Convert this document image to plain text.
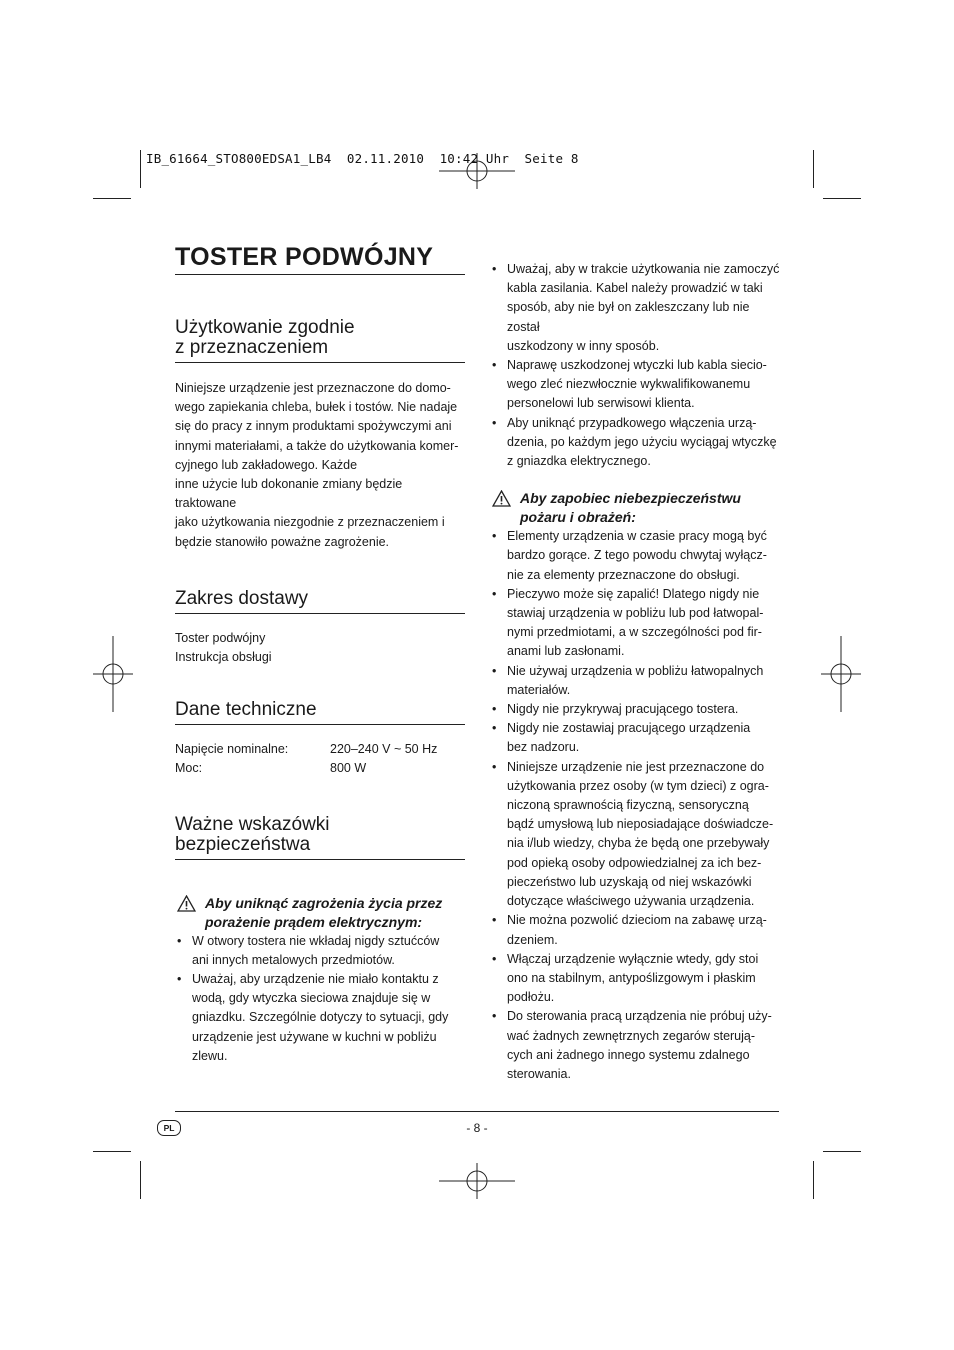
IB_61664_STO800EDSA1_LB4  02.11.2010  10:42 Uhr  Seite 8
TOSTER PODWÓJNY
Użytkowanie zgodnie
z przeznaczeniem

Niniejsze urządzenie jest przeznaczone do domo-
wego zapiekania chleba, bułek i tostów. Nie nadaje
się do pracy z innym produktami spożywczymi ani
innymi materiałami, a także do użytkowania komer-
cyjnego lub zakładowego. Każde
inne użycie lub dokonanie zmiany będzie traktowane
jako użytkowania niezgodnie z przeznaczeniem i
będzie stanowiło poważne zagrożenie.

Zakres dostawy

Toster podwójny
Instrukcja obsługi

Dane techniczne
Napięcie nominalne:	220–240 V ~ 50 Hz
Moc:	800 W
Ważne wskazówki
bezpieczeństwa
Aby uniknąć zagrożenia życia przez
porażenie prądem elektrycznym:
• W otwory tostera nie wkładaj nigdy sztućców
ani innych metalowych przedmiotów.
• Uważaj, aby urządzenie nie miało kontaktu z
wodą, gdy wtyczka sieciowa znajduje się w
gniazdku. Szczególnie dotyczy to sytuacji, gdy
urządzenie jest używane w kuchni w pobliżu
zlewu.
• Uważaj, aby w trakcie użytkowania nie zamoczyć
kabla zasilania. Kabel należy prowadzić w taki
sposób, aby nie był on zakleszczany lub nie został
uszkodzony w inny sposób.
• Naprawę uszkodzonej wtyczki lub kabla siecio-
wego zleć niezwłocznie wykwalifikowanemu
personelowi lub serwisowi klienta.
• Aby uniknąć przypadkowego włączenia urzą-
dzenia, po każdym jego użyciu wyciągaj wtyczkę
z gniazdka elektrycznego.
Aby zapobiec niebezpieczeństwu
pożaru i obrażeń:
• Elementy urządzenia w czasie pracy mogą być
bardzo gorące. Z tego powodu chwytaj wyłącz-
nie za elementy przeznaczone do obsługi.
• Pieczywo może się zapalić! Dlatego nigdy nie
stawiaj urządzenia w pobliżu lub pod łatwopal-
nymi przedmiotami, a w szczególności pod fir-
anami lub zasłonami.
• Nie używaj urządzenia w pobliżu łatwopalnych
materiałów.
• Nigdy nie przykrywaj pracującego tostera.
• Nigdy nie zostawiaj pracującego urządzenia
bez nadzoru.
• Niniejsze urządzenie nie jest przeznaczone do
użytkowania przez osoby (w tym dzieci) z ogra-
niczoną sprawnością fizyczną, sensoryczną
bądź umysłową lub nieposiadające doświadcze-
nia i/lub wiedzy, chyba że będą one przebywały
pod opieką osoby odpowiedzialnej za ich bez-
pieczeństwo lub uzyskają od niej wskazówki
dotyczące właściwego używania urządzenia.
• Nie można pozwolić dzieciom na zabawę urzą-
dzeniem.
• Włączaj urządzenie wyłącznie wtedy, gdy stoi
ono na stabilnym, antypoślizgowym i płaskim
podłożu.
• Do sterowania pracą urządzenia nie próbuj uży-
wać żadnych zewnętrznych zegarów sterują-
cych ani żadnego innego systemu zdalnego
sterowania.
PL	- 8 -
